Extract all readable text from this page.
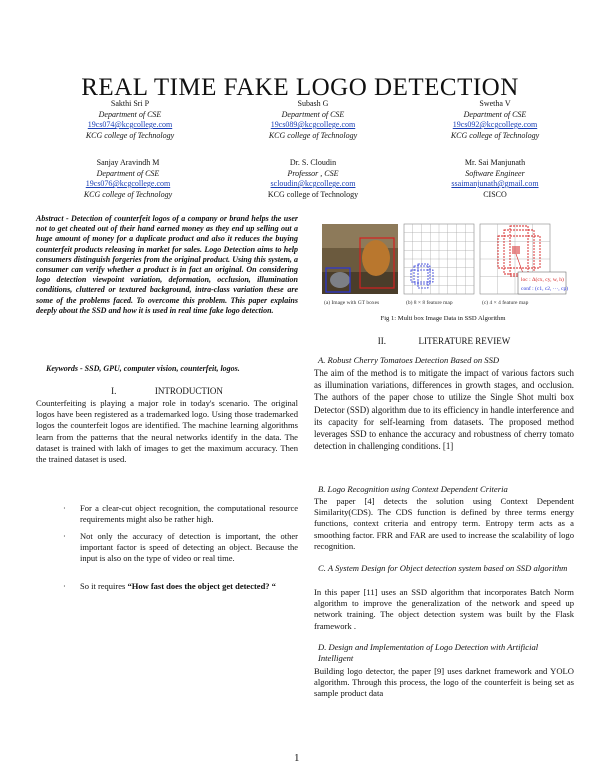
REAL TIME FAKE LOGO DETECTION
Sakthi Sri P
Department of CSE
19cs074@kcgcollege.com
KCG college of Technology
Subash G
Department of CSE
19cs089@kcgcollege.com
KCG college of Technology
Swetha V
Department of CSE
19cs092@kcgcollege.com
KCG college of Technology
Sanjay Aravindh M
Department of CSE
19cs076@kcgcollege.com
KCG college of Technology
Dr. S. Cloudin
Professor , CSE
scloudin@kcgcollege.com
KCG college of Technology
Mr. Sai Manjunath
Software Engineer
ssaimanjunath@gmail.com
CISCO
Abstract - Detection of counterfeit logos of a company or brand helps the user not to get cheated out of their hand earned money as they end up selling out a huge amount of money for a duplicate product and also it reduces the buying counterfeit products releasing in market for sales. Logo Detection aims to help consumers distinguish forgeries from the original product. Using this system, a consumer can verify whether a product is in fact an original. On considering logo detection viewpoint variation, deformation, occlusion, illumination conditions, cluttered or textured background, intra-class variation these are some of the problems faced. To overcome this problem. This paper explains deeply about the SSD and how it is used in real time fake logo detection.
Keywords - SSD, GPU, computer vision, counterfeit, logos.
I.	INTRODUCTION
Counterfeiting is playing a major role in today's scenario. The original logos have been registered as a trademarked logo. Using those trademarked logos the counterfeit logos are identified. The machine learning algorithms learn from the patterns that the neural networks identify in the data. The dataset is trained with lakh of images to get the maximum accuracy. Then the trained dataset is used.
· For a clear-cut object recognition, the computational resource requirements might also be rather high.
· Not only the accuracy of detection is important, the other important factor is speed of detecting an object. Because the input is also on the type of video or real time.
· So it requires “How fast does the object get detected? “
loc : Δ(cx, cy, w, h)
conf : (c1, c2, ···, cp)
(a) Image with GT boxes	(b) 8 × 8 feature map	(c) 4 × 4 feature map
Fig 1: Multi box Image Data in SSD Algorithm
II.	LITERATURE REVIEW
A. Robust Cherry Tomatoes Detection Based on SSD
The aim of the method is to mitigate the impact of various factors such as illumination variations, differences in growth stages, and occlusion. The authors of the paper chose to utilize the Single Shot multi box Detector (SSD) algorithm due to its efficiency in handle interference and its capacity for self-learning from datasets. The proposed method leverages SSD to enhance the accuracy and robustness of cherry tomato detection in challenging conditions. [1]
B. Logo Recognition using Context Dependent Criteria
The paper [4] detects the solution using Context Dependent Similarity(CDS). The CDS function is defined by three terms energy functions, context criteria and entropy term. Entropy term acts as a smoothing factor. FRR and FAR are used to increase the scalability of logo recognition.
C. A System Design for Object detection system based on SSD algorithm
In this paper [11] uses an SSD algorithm that incorporates Batch Norm algorithm to improve the generalization of the network and speed up network training. The object detection system was built by the Flask framework .
D. Design and Implementation of Logo Detection with Artificial Intelligent
Building logo detector, the paper [9] uses darknet framework and YOLO algorithm. Through this process, the logo of the counterfeit is being set as sample product data
1
